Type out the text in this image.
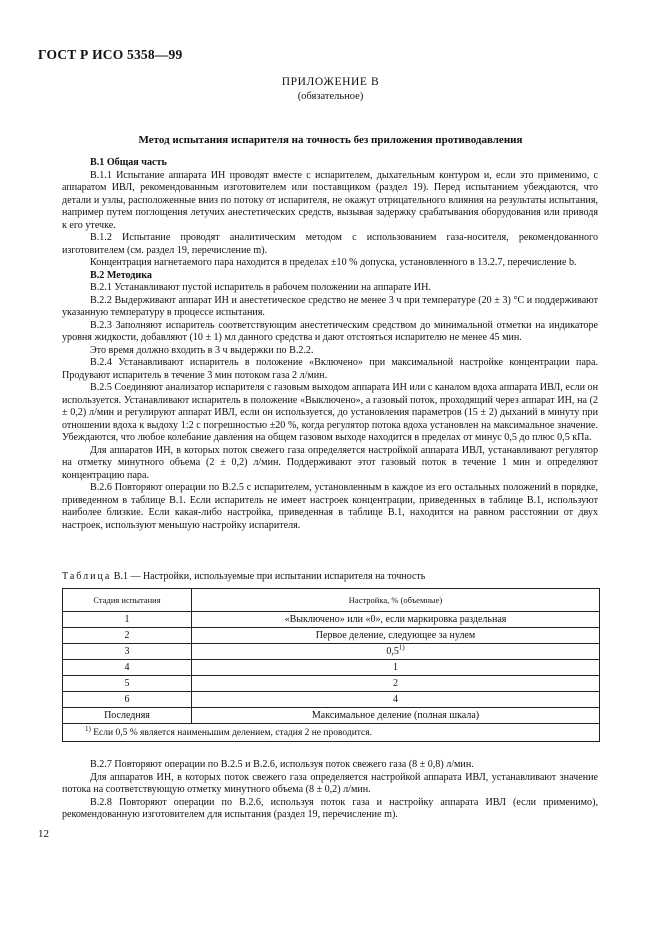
ГОСТ Р ИСО 5358—99
ПРИЛОЖЕНИЕ В
(обязательное)
Метод испытания испарителя на точность без приложения противодавления

В.1 Общая часть

В.1.1 Испытание аппарата ИН проводят вместе с испарителем, дыхательным контуром и, если это применимо, с аппаратом ИВЛ, рекомендованным изготовителем или поставщиком (раздел 19). Перед испытанием убеждаются, что детали и узлы, расположенные вниз по потоку от испарителя, не окажут отрицательного влияния на результаты испытания, например путем поглощения летучих анестетических средств, вызывая задержку срабатывания оборудования или приводя к его утечке.

В.1.2 Испытание проводят аналитическим методом с использованием газа-носителя, рекомендованного изготовителем (см. раздел 19, перечисление m).

Концентрация нагнетаемого пара находится в пределах ±10 % допуска, установленного в 13.2.7, перечисление b.

В.2 Методика

В.2.1 Устанавливают пустой испаритель в рабочем положении на аппарате ИН.

В.2.2 Выдерживают аппарат ИН и анестетическое средство не менее 3 ч при температуре (20 ± 3) °С и поддерживают указанную температуру в процессе испытания.

В.2.3 Заполняют испаритель соответствующим анестетическим средством до минимальной отметки на индикаторе уровня жидкости, добавляют (10 ± 1) мл данного средства и дают отстояться испарителю не менее 45 мин.

Это время должно входить в 3 ч выдержки по В.2.2.

В.2.4 Устанавливают испаритель в положение «Включено» при максимальной настройке концентрации пара. Продувают испаритель в течение 3 мин потоком газа 2 л/мин.

В.2.5 Соединяют анализатор испарителя с газовым выходом аппарата ИН или с каналом вдоха аппарата ИВЛ, если он используется. Устанавливают испаритель в положение «Выключено», а газовый поток, проходящий через аппарат ИН, на (2 ± 0,2) л/мин и регулируют аппарат ИВЛ, если он используется, до установления параметров (15 ± 2) дыханий в минуту при отношении вдоха к выдоху 1:2 с погрешностью ±20 %, когда регулятор потока вдоха установлен на максимальное значение. Убеждаются, что любое колебание давления на общем газовом выходе находится в пределах от минус 0,5 до плюс 0,5 кПа.

Для аппаратов ИН, в которых поток свежего газа определяется настройкой аппарата ИВЛ, устанавливают регулятор на отметку минутного объема (2 ± 0,2) л/мин. Поддерживают этот газовый поток в течение 1 мин и определяют концентрацию пара.

В.2.6 Повторяют операции по В.2.5 с испарителем, установленным в каждое из его остальных положений в порядке, приведенном в таблице В.1. Если испаритель не имеет настроек концентрации, приведенных в таблице В.1, используют наиболее близкие. Если какая-либо настройка, приведенная в таблице В.1, находится на равном расстоянии от двух настроек, используют меньшую настройку испарителя.

Таблица В.1 — Настройки, используемые при испытании испарителя на точность
Стадия испытания	Настройка, % (объемные)
1	«Выключено» или «0», если маркировка раздельная
2	Первое деление, следующее за нулем
3	0,5$^{1)}$
4	1
5	2
6	4
Последняя	Максимальное деление (полная шкала)
$^{1)}$ Если 0,5 % является наименьшим делением, стадия 2 не проводится.	

В.2.7 Повторяют операции по В.2.5 и В.2.6, используя поток свежего газа (8 ± 0,8) л/мин.

Для аппаратов ИН, в которых поток свежего газа определяется настройкой аппарата ИВЛ, устанавливают значение потока на соответствующую отметку минутного объема (8 ± 0,2) л/мин.

В.2.8 Повторяют операции по В.2.6, используя поток газа и настройку аппарата ИВЛ (если применимо), рекомендованную изготовителем для испытания (раздел 19, перечисление m).

12
